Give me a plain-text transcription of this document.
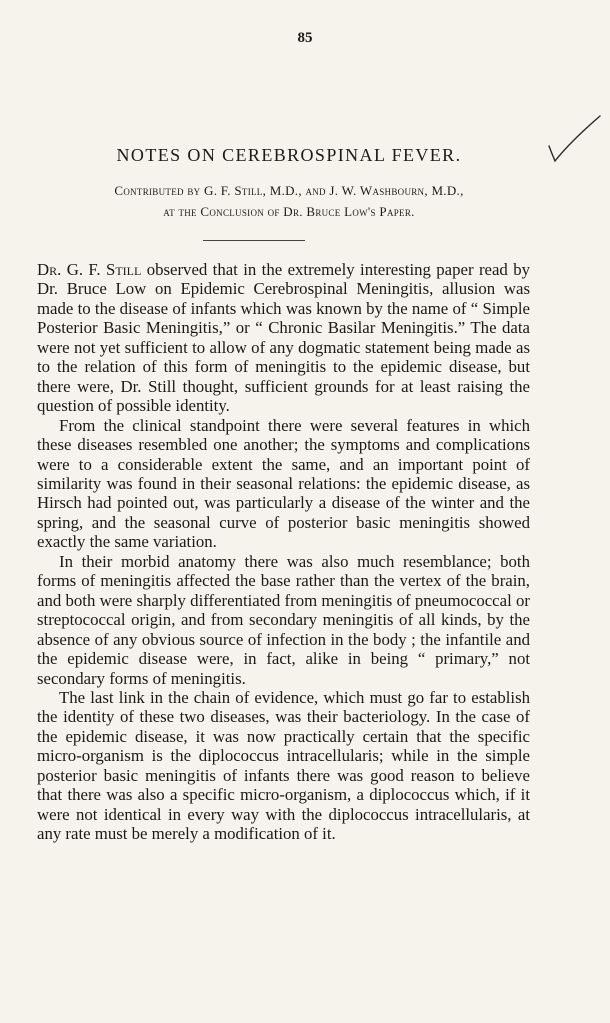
85
NOTES ON CEREBROSPINAL FEVER.
Contributed by G. F. Still, M.D., and J. W. Washbourn, M.D.,
at the Conclusion of Dr. Bruce Low's Paper.

Dr. G. F. Still observed that in the extremely interesting paper read by Dr. Bruce Low on Epidemic Cerebrospinal Meningitis, allusion was made to the disease of infants which was known by the name of “ Simple Posterior Basic Meningitis,” or “ Chronic Basilar Meningitis.” The data were not yet sufficient to allow of any dogmatic statement being made as to the relation of this form of meningitis to the epidemic disease, but there were, Dr. Still thought, sufficient grounds for at least raising the question of possible identity.

From the clinical standpoint there were several features in which these diseases resembled one another; the symptoms and complications were to a considerable extent the same, and an important point of similarity was found in their seasonal relations: the epidemic disease, as Hirsch had pointed out, was particularly a disease of the winter and the spring, and the seasonal curve of posterior basic meningitis showed exactly the same variation.

In their morbid anatomy there was also much resemblance; both forms of meningitis affected the base rather than the vertex of the brain, and both were sharply differentiated from meningitis of pneumococcal or streptococcal origin, and from secondary meningitis of all kinds, by the absence of any obvious source of infection in the body ; the infantile and the epidemic disease were, in fact, alike in being “ primary,” not secondary forms of meningitis.

The last link in the chain of evidence, which must go far to establish the identity of these two diseases, was their bacteriology. In the case of the epidemic disease, it was now practically certain that the specific micro-organism is the diplococcus intracellularis; while in the simple posterior basic meningitis of infants there was good reason to believe that there was also a specific micro-organism, a diplococcus which, if it were not identical in every way with the diplococcus intracellularis, at any rate must be merely a modification of it.
